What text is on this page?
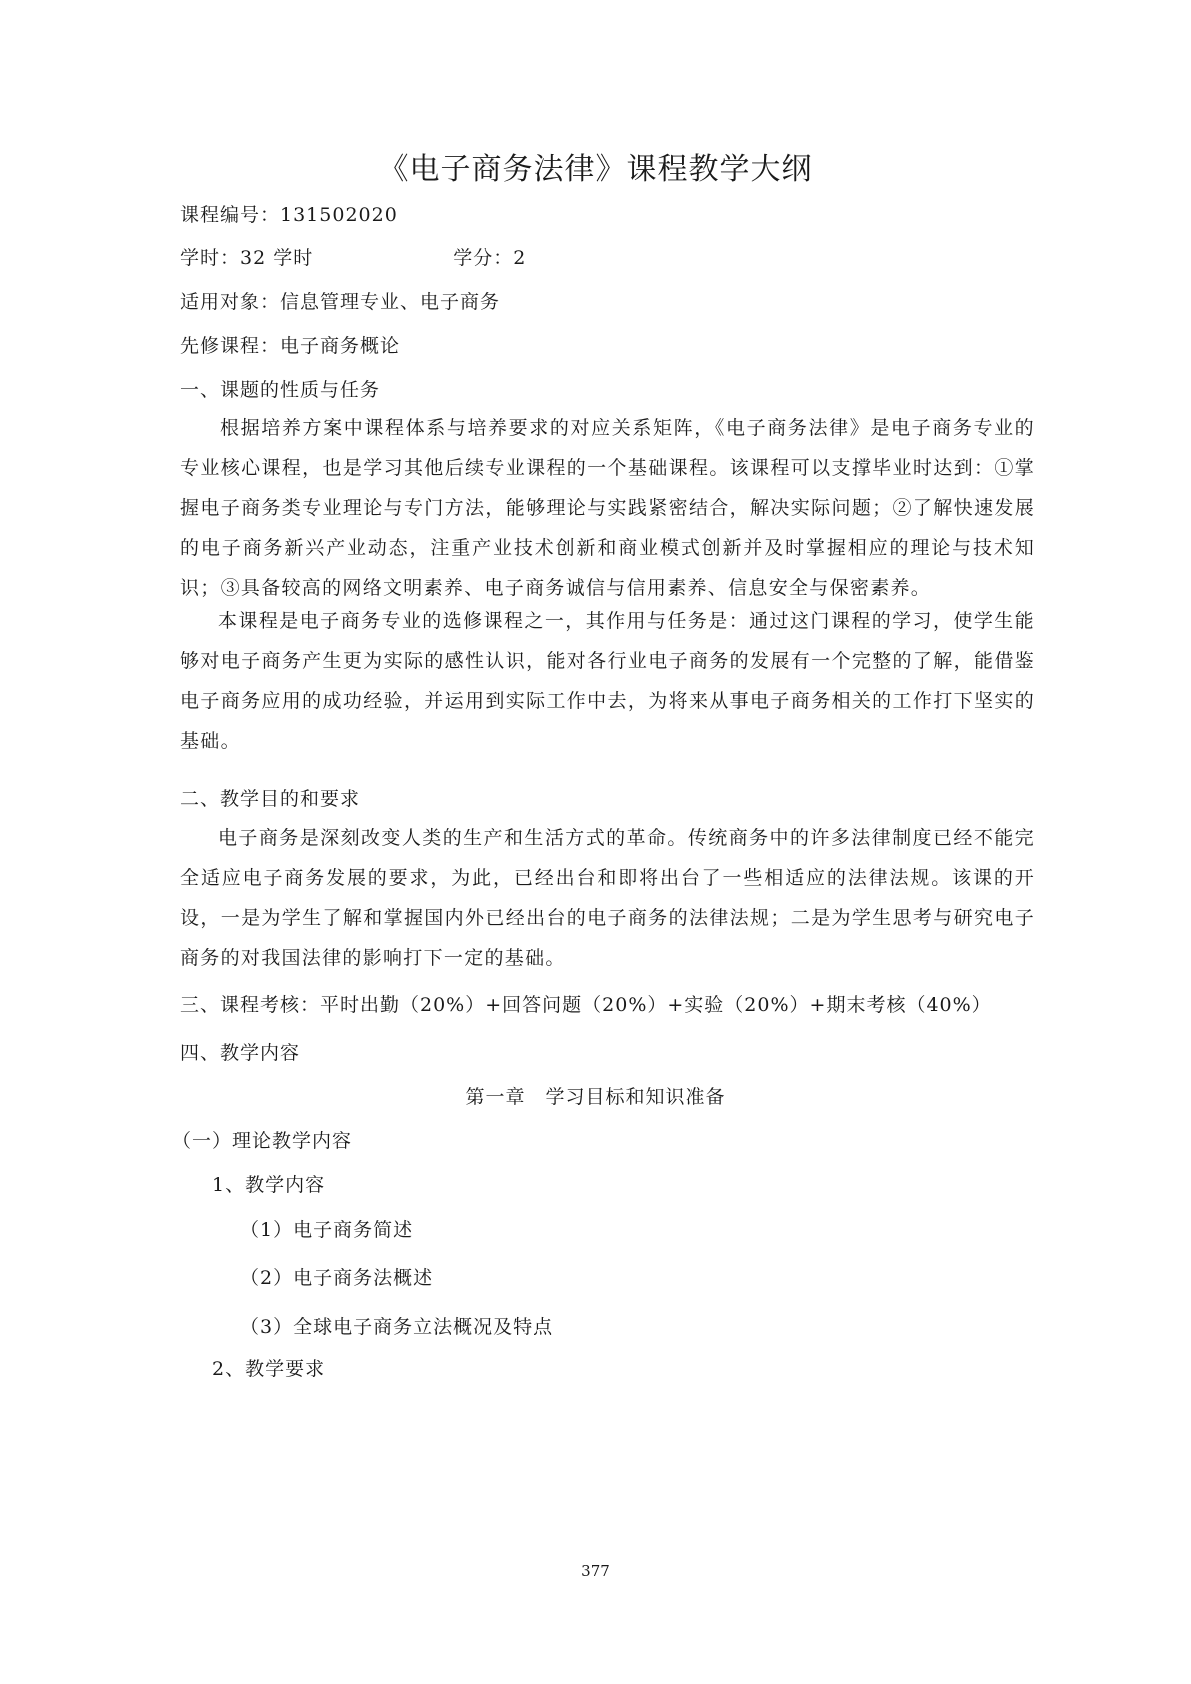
《电子商务法律》课程教学大纲
课程编号：131502020
学时：32 学时	学分：2
适用对象：信息管理专业、电子商务
先修课程：电子商务概论
一、课题的性质与任务
根据培养方案中课程体系与培养要求的对应关系矩阵，《电子商务法律》是电子商务专业的专业核心课程，也是学习其他后续专业课程的一个基础课程。该课程可以支撑毕业时达到：①掌握电子商务类专业理论与专门方法，能够理论与实践紧密结合，解决实际问题；②了解快速发展的电子商务新兴产业动态，注重产业技术创新和商业模式创新并及时掌握相应的理论与技术知识；③具备较高的网络文明素养、电子商务诚信与信用素养、信息安全与保密素养。
本课程是电子商务专业的选修课程之一，其作用与任务是：通过这门课程的学习，使学生能够对电子商务产生更为实际的感性认识，能对各行业电子商务的发展有一个完整的了解，能借鉴电子商务应用的成功经验，并运用到实际工作中去，为将来从事电子商务相关的工作打下坚实的基础。
二、教学目的和要求
电子商务是深刻改变人类的生产和生活方式的革命。传统商务中的许多法律制度已经不能完全适应电子商务发展的要求，为此，已经出台和即将出台了一些相适应的法律法规。该课的开设，一是为学生了解和掌握国内外已经出台的电子商务的法律法规；二是为学生思考与研究电子商务的对我国法律的影响打下一定的基础。
三、课程考核：平时出勤（20%）+回答问题（20%）+实验（20%）+期末考核（40%）
四、教学内容
第一章　学习目标和知识准备
（一）理论教学内容
1、教学内容
（1）电子商务简述
（2）电子商务法概述
（3）全球电子商务立法概况及特点
2、教学要求
377
